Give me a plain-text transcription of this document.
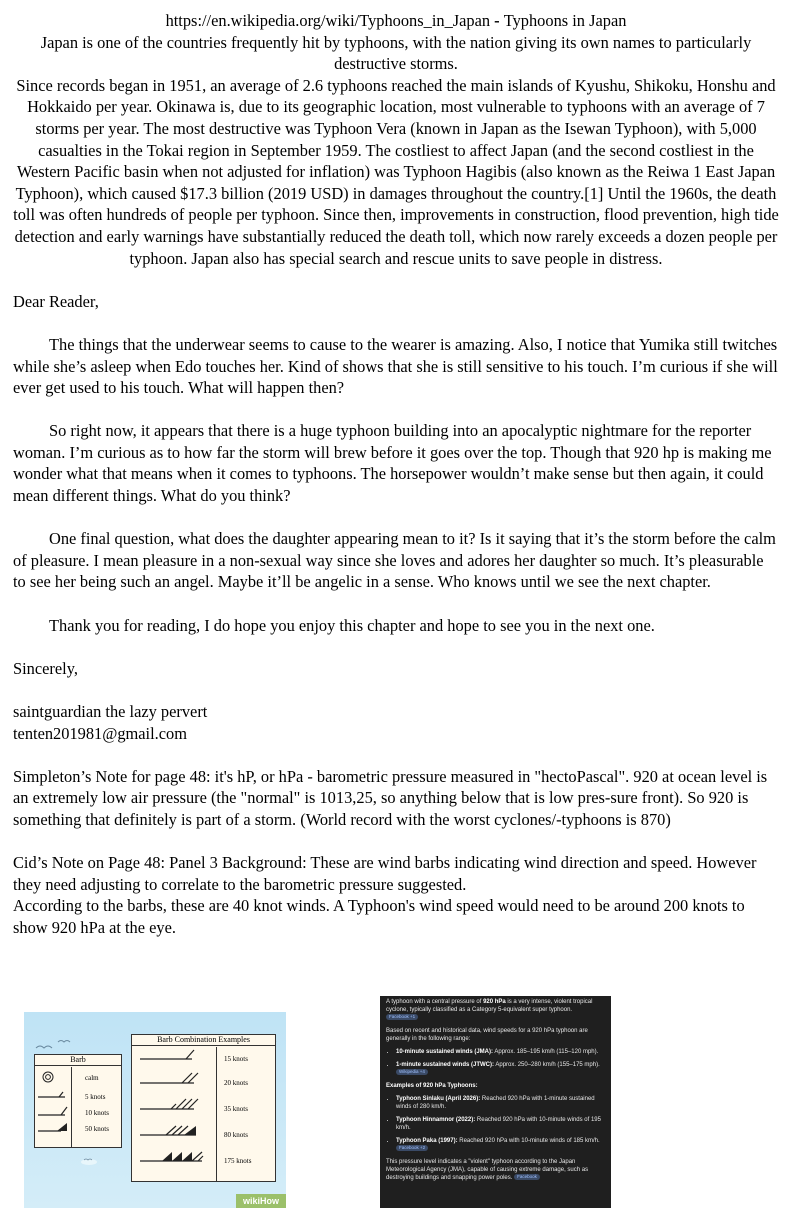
https://en.wikipedia.org/wiki/Typhoons_in_Japan - Typhoons in Japan

Japan is one of the countries frequently hit by typhoons, with the nation giving its own names to particularly destructive storms.

Since records began in 1951, an average of 2.6 typhoons reached the main islands of Kyushu, Shikoku, Honshu and Hokkaido per year. Okinawa is, due to its geographic location, most vulnerable to typhoons with an average of 7 storms per year. The most destructive was Typhoon Vera (known in Japan as the Isewan Typhoon), with 5,000 casualties in the Tokai region in September 1959. The costliest to affect Japan (and the second costliest in the Western Pacific basin when not adjusted for inflation) was Typhoon Hagibis (also known as the Reiwa 1 East Japan Typhoon), which caused $17.3 billion (2019 USD) in damages throughout the country.[1] Until the 1960s, the death toll was often hundreds of people per typhoon. Since then, improvements in construction, flood prevention, high tide detection and early warnings have substantially reduced the death toll, which now rarely exceeds a dozen people per typhoon. Japan also has special search and rescue units to save people in distress.

Dear Reader,

The things that the underwear seems to cause to the wearer is amazing. Also, I notice that Yumika still twitches while she’s asleep when Edo touches her. Kind of shows that she is still sensitive to his touch. I’m curious if she will ever get used to his touch. What will happen then?

So right now, it appears that there is a huge typhoon building into an apocalyptic nightmare for the reporter woman. I’m curious as to how far the storm will brew before it goes over the top. Though that 920 hp is making me wonder what that means when it comes to typhoons. The horsepower wouldn’t make sense but then again, it could mean different things. What do you think?

One final question, what does the daughter appearing mean to it? Is it saying that it’s the storm before the calm of pleasure. I mean pleasure in a non-sexual way since she loves and adores her daughter so much. It’s pleasurable to see her being such an angel. Maybe it’ll be angelic in a sense. Who knows until we see the next chapter.

Thank you for reading, I do hope you enjoy this chapter and hope to see you in the next one.

Sincerely,

saintguardian the lazy pervert

tenten201981@gmail.com

Simpleton’s Note for page 48: it's hP, or hPa - barometric pressure measured in "hectoPascal". 920 at ocean level is an extremely low air pressure (the "normal" is 1013,25, so anything below that is low pres-sure front). So 920 is something that definitely is part of a storm. (World record with the worst cyclones/-typhoons is 870)

Cid’s Note on Page 48: Panel 3 Background: These are wind barbs indicating wind direction and speed. However they need adjusting to correlate to the barometric pressure suggested.

According to the barbs, these are 40 knot winds. A Typhoon's wind speed would need to be around 200 knots to show 920 hPa at the eye.

Barb
calm
5 knots
10 knots
50 knots
Barb Combination Examples
15 knots
20 knots
35 knots
80 knots
175 knots
wikiHow

A typhoon with a central pressure of 920 hPa is a very intense, violent tropical cyclone, typically classified as a Category 5-equivalent super typhoon. Facebook +1

Based on recent and historical data, wind speeds for a 920 hPa typhoon are generally in the following range:

• 10-minute sustained winds (JMA): Approx. 185–195 km/h (115–120 mph).
• 1-minute sustained winds (JTWC): Approx. 250–280 km/h (155–175 mph). Wikipedia +4

Examples of 920 hPa Typhoons:

• Typhoon Sinlaku (April 2026): Reached 920 hPa with 1-minute sustained winds of 280 km/h.
• Typhoon Hinnamnor (2022): Reached 920 hPa with 10-minute winds of 195 km/h.
• Typhoon Paka (1997): Reached 920 hPa with 10-minute winds of 185 km/h. Facebook +2

This pressure level indicates a "violent" typhoon according to the Japan Meteorological Agency (JMA), capable of causing extreme damage, such as destroying buildings and snapping power poles. Facebook
